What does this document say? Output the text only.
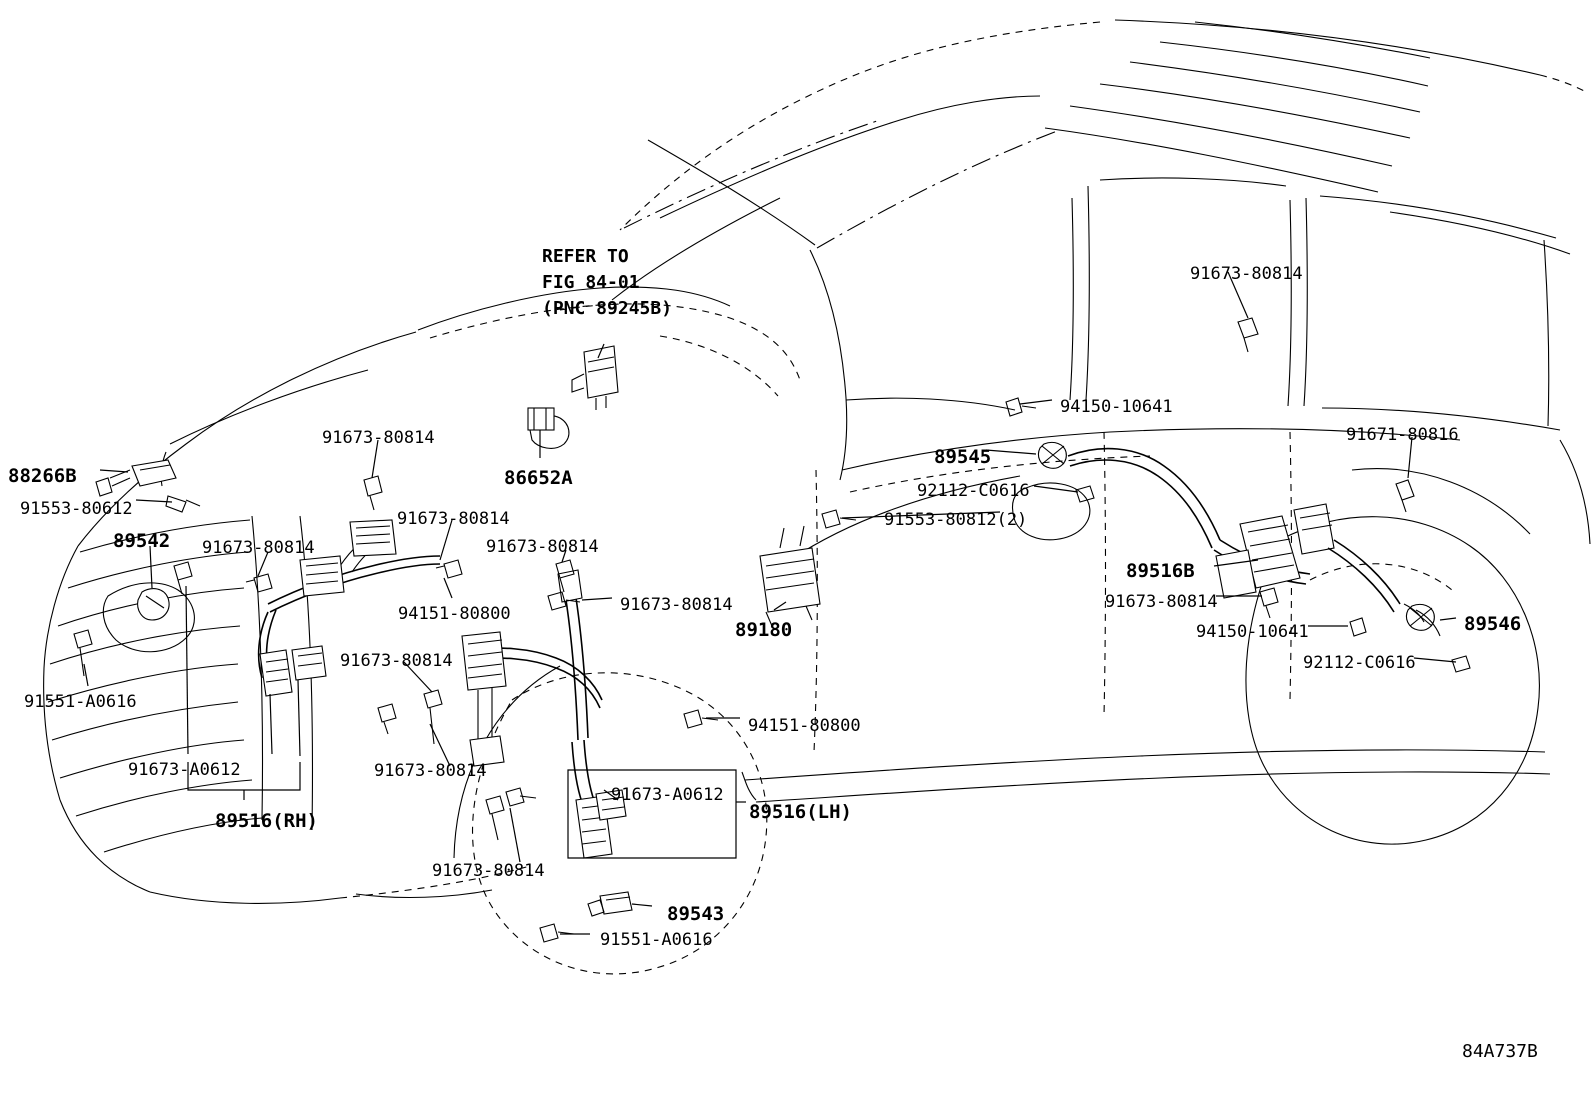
REFER TO
FIG 84-01
(PNC 89245B)
91673-80814
94150-10641
91671-80816
89545
92112-C0616
91553-80812(2)
89516B
91673-80814
89546
94150-10641
92112-C0616
91673-80814
86652A
88266B
91553-80612	91673-80814
89542 91673-80814	91673-80814
94151-80800	91673-80814
89180
91551-A0616
91673-80814
94151-80800
91673-A0612	91673-80814
91673-A0612
89516(LH)
89516(RH)
91673-80814
89543
91551-A0616
84A737B
